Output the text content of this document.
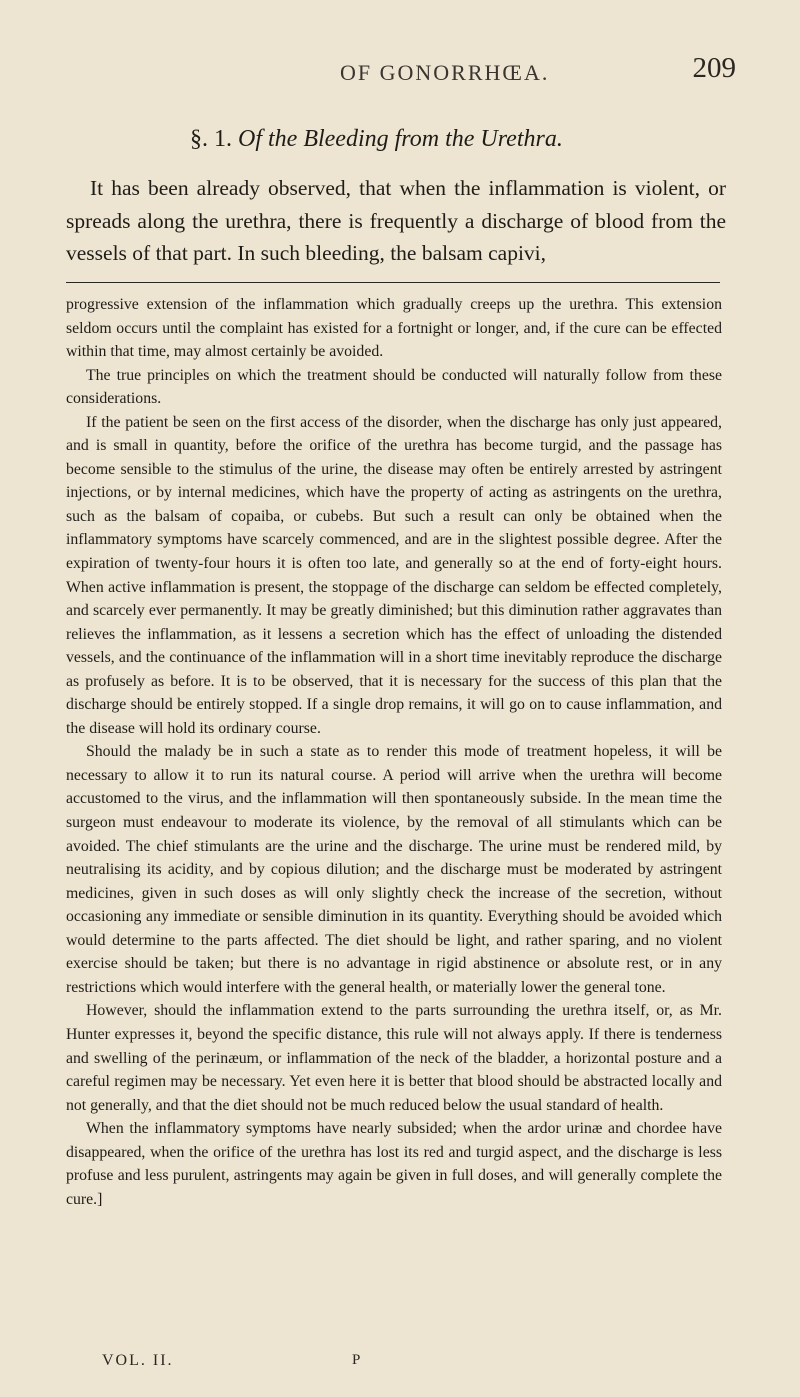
OF GONORRHŒA.	209
§. 1. Of the Bleeding from the Urethra.

It has been already observed, that when the inflammation is violent, or spreads along the urethra, there is frequently a discharge of blood from the vessels of that part. In such bleeding, the balsam capivi,

progressive extension of the inflammation which gradually creeps up the urethra. This extension seldom occurs until the complaint has existed for a fortnight or longer, and, if the cure can be effected within that time, may almost certainly be avoided.

The true principles on which the treatment should be conducted will naturally follow from these considerations.

If the patient be seen on the first access of the disorder, when the discharge has only just appeared, and is small in quantity, before the orifice of the urethra has become turgid, and the passage has become sensible to the stimulus of the urine, the disease may often be entirely arrested by astringent injections, or by internal medicines, which have the property of acting as astringents on the urethra, such as the balsam of copaiba, or cubebs. But such a result can only be obtained when the inflammatory symptoms have scarcely commenced, and are in the slightest possible degree. After the expiration of twenty-four hours it is often too late, and generally so at the end of forty-eight hours. When active inflammation is present, the stoppage of the discharge can seldom be effected completely, and scarcely ever permanently. It may be greatly diminished; but this diminution rather aggravates than relieves the inflammation, as it lessens a secretion which has the effect of unloading the distended vessels, and the continuance of the inflammation will in a short time inevitably reproduce the discharge as profusely as before. It is to be observed, that it is necessary for the success of this plan that the discharge should be entirely stopped. If a single drop remains, it will go on to cause inflammation, and the disease will hold its ordinary course.

Should the malady be in such a state as to render this mode of treatment hopeless, it will be necessary to allow it to run its natural course. A period will arrive when the urethra will become accustomed to the virus, and the inflammation will then spontaneously subside. In the mean time the surgeon must endeavour to moderate its violence, by the removal of all stimulants which can be avoided. The chief stimulants are the urine and the discharge. The urine must be rendered mild, by neutralising its acidity, and by copious dilution; and the discharge must be moderated by astringent medicines, given in such doses as will only slightly check the increase of the secretion, without occasioning any immediate or sensible diminution in its quantity. Everything should be avoided which would determine to the parts affected. The diet should be light, and rather sparing, and no violent exercise should be taken; but there is no advantage in rigid abstinence or absolute rest, or in any restrictions which would interfere with the general health, or materially lower the general tone.

However, should the inflammation extend to the parts surrounding the urethra itself, or, as Mr. Hunter expresses it, beyond the specific distance, this rule will not always apply. If there is tenderness and swelling of the perinæum, or inflammation of the neck of the bladder, a horizontal posture and a careful regimen may be necessary. Yet even here it is better that blood should be abstracted locally and not generally, and that the diet should not be much reduced below the usual standard of health.

When the inflammatory symptoms have nearly subsided; when the ardor urinæ and chordee have disappeared, when the orifice of the urethra has lost its red and turgid aspect, and the discharge is less profuse and less purulent, astringents may again be given in full doses, and will generally complete the cure.]

VOL. II.	P
